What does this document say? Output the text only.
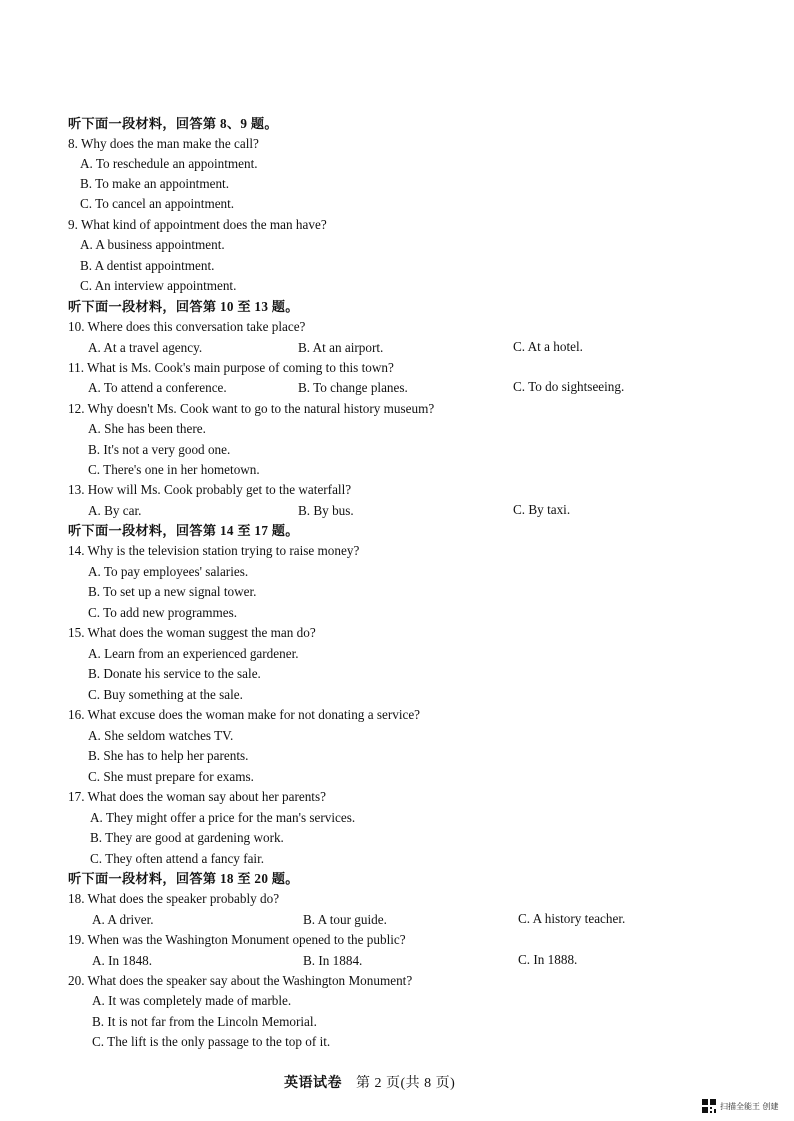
听下面一段材料，回答第 8、9 题。
8. Why does the man make the call?
A. To reschedule an appointment.
B. To make an appointment.
C. To cancel an appointment.
9. What kind of appointment does the man have?
A. A business appointment.
B. A dentist appointment.
C. An interview appointment.
听下面一段材料，回答第 10 至 13 题。
10. Where does this conversation take place?
A. At a travel agency.	B. At an airport.	C. At a hotel.
11. What is Ms. Cook's main purpose of coming to this town?
A. To attend a conference.	B. To change planes.	C. To do sightseeing.
12. Why doesn't Ms. Cook want to go to the natural history museum?
A. She has been there.
B. It's not a very good one.
C. There's one in her hometown.
13. How will Ms. Cook probably get to the waterfall?
A. By car.	B. By bus.	C. By taxi.
听下面一段材料，回答第 14 至 17 题。
14. Why is the television station trying to raise money?
A. To pay employees' salaries.
B. To set up a new signal tower.
C. To add new programmes.
15. What does the woman suggest the man do?
A. Learn from an experienced gardener.
B. Donate his service to the sale.
C. Buy something at the sale.
16. What excuse does the woman make for not donating a service?
A. She seldom watches TV.
B. She has to help her parents.
C. She must prepare for exams.
17. What does the woman say about her parents?
A. They might offer a price for the man's services.
B. They are good at gardening work.
C. They often attend a fancy fair.
听下面一段材料，回答第 18 至 20 题。
18. What does the speaker probably do?
A. A driver.	B. A tour guide.	C. A history teacher.
19. When was the Washington Monument opened to the public?
A. In 1848.	B. In 1884.	C. In 1888.
20. What does the speaker say about the Washington Monument?
A. It was completely made of marble.
B. It is not far from the Lincoln Memorial.
C. The lift is the only passage to the top of it.
英语试卷 第 2 页(共 8 页)
扫描全能王 创建
